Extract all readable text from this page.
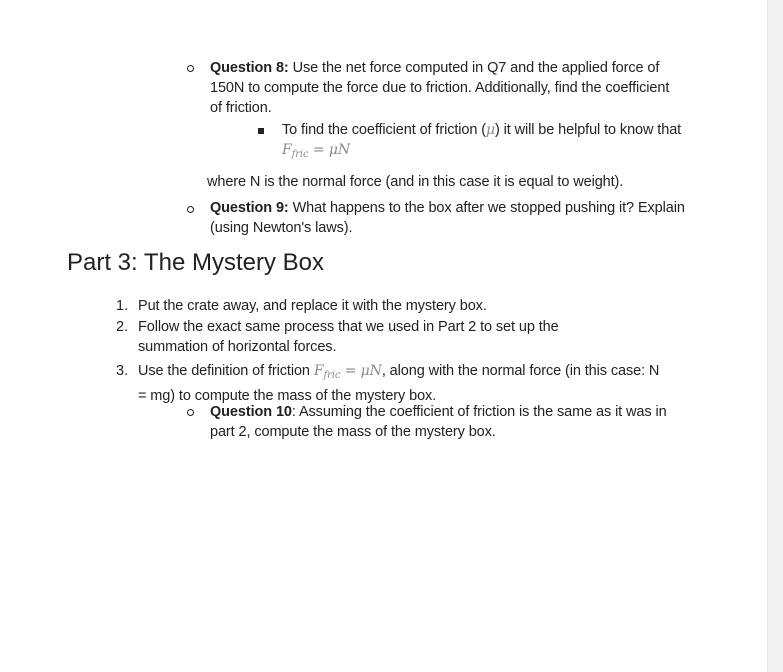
Question 8: Use the net force computed in Q7 and the applied force of 150N to compute the force due to friction. Additionally, find the coefficient of friction.
To find the coefficient of friction (μ) it will be helpful to know that $F_{fric} = \mu N$
where N is the normal force (and in this case it is equal to weight).
Question 9: What happens to the box after we stopped pushing it? Explain (using Newton's laws).
Part 3: The Mystery Box
1. Put the crate away, and replace it with the mystery box.
2. Follow the exact same process that we used in Part 2 to set up the summation of horizontal forces.
3. Use the definition of friction $F_{fric} = \mu N$, along with the normal force (in this case: N = mg) to compute the mass of the mystery box.
Question 10: Assuming the coefficient of friction is the same as it was in part 2, compute the mass of the mystery box.
